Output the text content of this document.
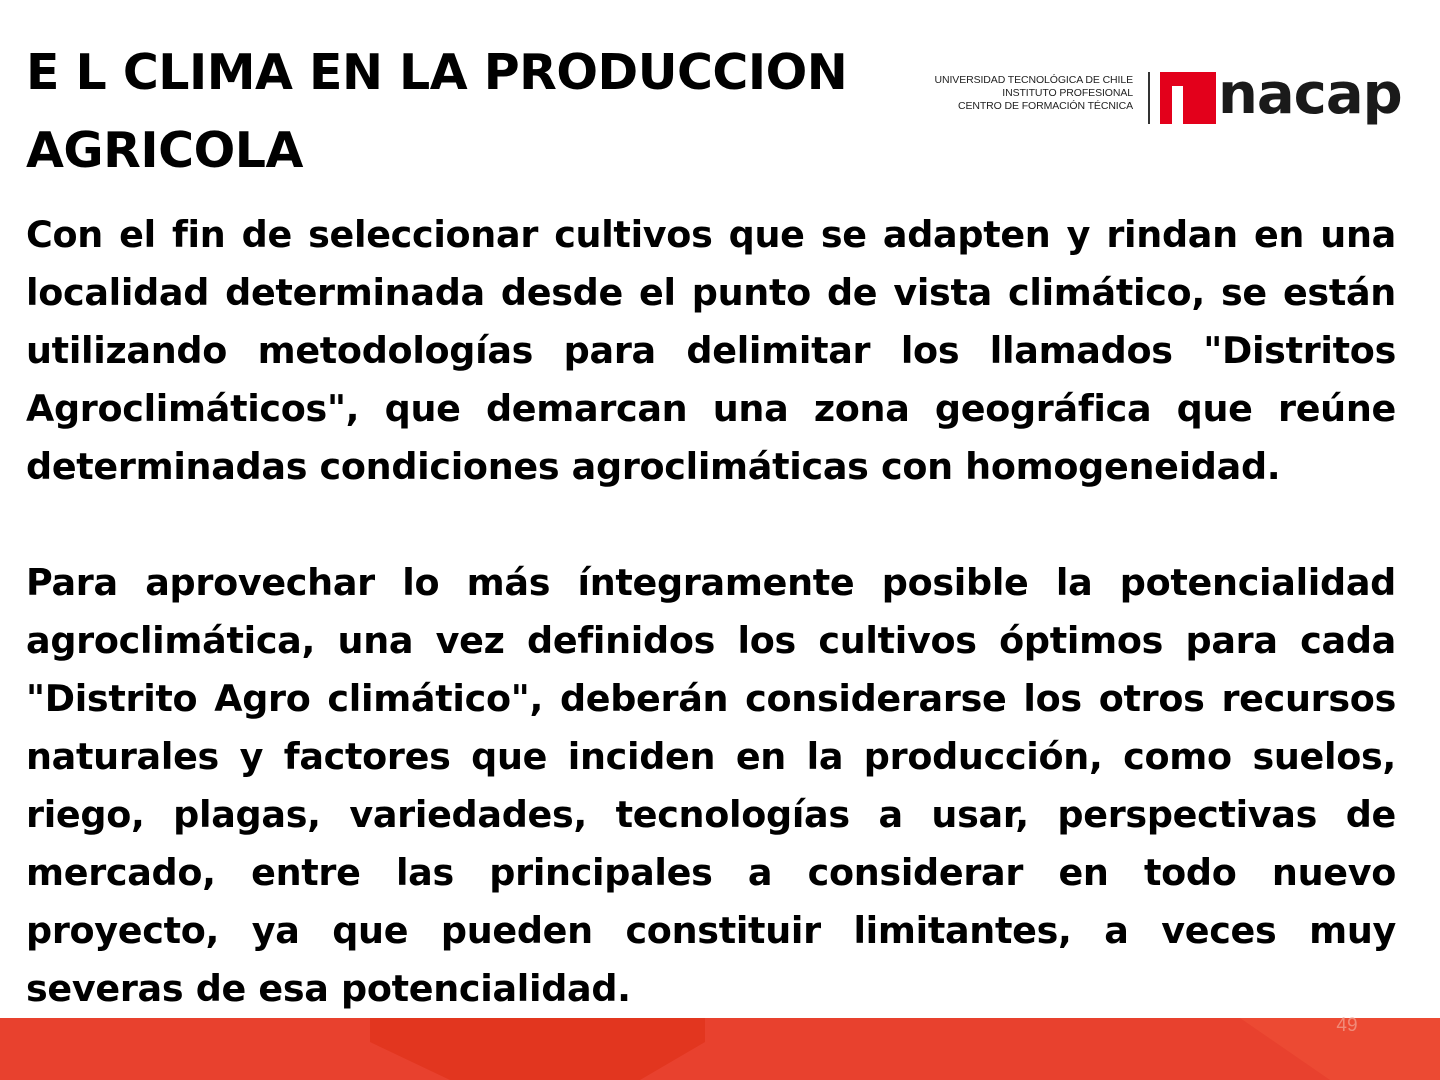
E L CLIMA EN LA PRODUCCION AGRICOLA
UNIVERSIDAD TECNOLÓGICA DE CHILE
INSTITUTO PROFESIONAL
CENTRO DE FORMACIÓN TÉCNICA nacap

Con el fin de seleccionar cultivos que se adapten y rindan en una localidad determinada desde el punto de vista climático, se están utilizando metodologías para delimitar los llamados "Distritos Agroclimáticos", que demarcan una zona geográfica que reúne determinadas condiciones agroclimáticas con homogeneidad.

Para aprovechar lo más íntegramente posible la potencialidad agroclimática, una vez definidos los cultivos óptimos para cada "Distrito Agro climático", deberán considerarse los otros recursos naturales y factores que inciden en la producción, como suelos, riego, plagas, variedades, tecnologías a usar, perspectivas de mercado, entre las principales a considerar en todo nuevo proyecto, ya que pueden constituir limitantes, a veces muy severas de esa potencialidad.

49
